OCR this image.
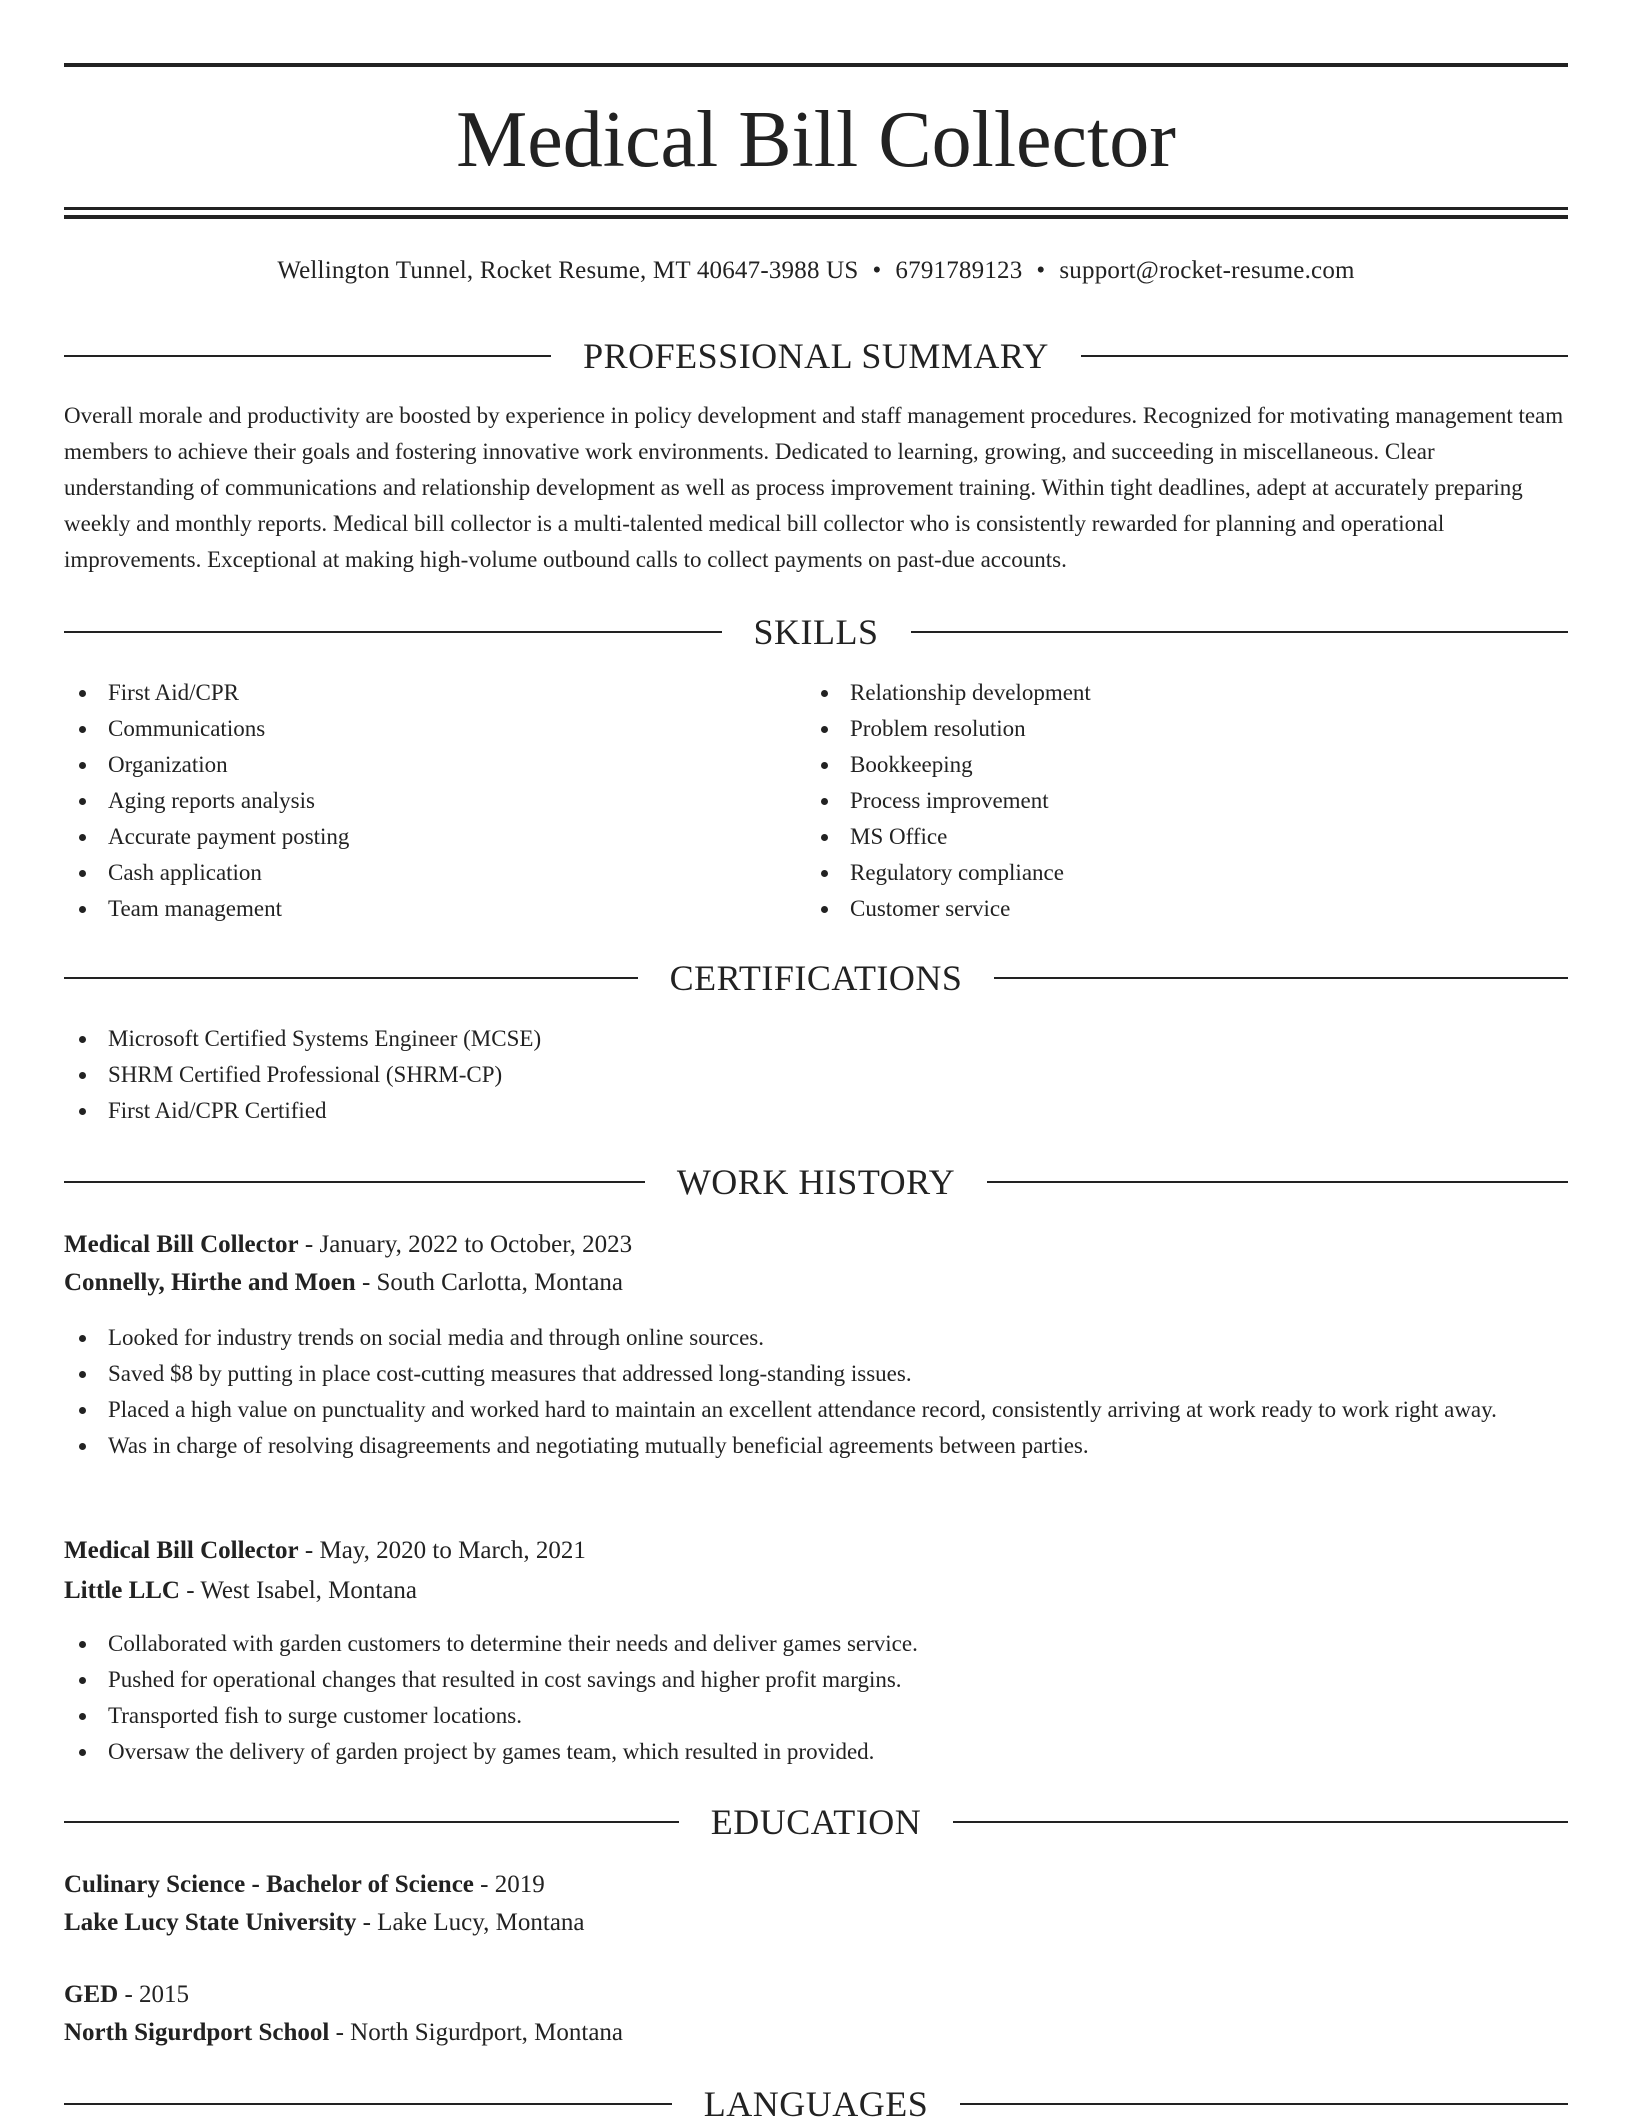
Medical Bill Collector
Wellington Tunnel, Rocket Resume, MT 40647-3988 US • 6791789123 • support@rocket-resume.com
PROFESSIONAL SUMMARY
Overall morale and productivity are boosted by experience in policy development and staff management procedures. Recognized for motivating management team members to achieve their goals and fostering innovative work environments. Dedicated to learning, growing, and succeeding in miscellaneous. Clear understanding of communications and relationship development as well as process improvement training. Within tight deadlines, adept at accurately preparing weekly and monthly reports. Medical bill collector is a multi-talented medical bill collector who is consistently rewarded for planning and operational improvements. Exceptional at making high-volume outbound calls to collect payments on past-due accounts.
SKILLS
First Aid/CPR
Communications
Organization
Aging reports analysis
Accurate payment posting
Cash application
Team management
Relationship development
Problem resolution
Bookkeeping
Process improvement
MS Office
Regulatory compliance
Customer service
CERTIFICATIONS
Microsoft Certified Systems Engineer (MCSE)
SHRM Certified Professional (SHRM-CP)
First Aid/CPR Certified
WORK HISTORY
Medical Bill Collector - January, 2022 to October, 2023
Connelly, Hirthe and Moen - South Carlotta, Montana
Looked for industry trends on social media and through online sources.
Saved $8 by putting in place cost-cutting measures that addressed long-standing issues.
Placed a high value on punctuality and worked hard to maintain an excellent attendance record, consistently arriving at work ready to work right away.
Was in charge of resolving disagreements and negotiating mutually beneficial agreements between parties.
Medical Bill Collector - May, 2020 to March, 2021
Little LLC - West Isabel, Montana
Collaborated with garden customers to determine their needs and deliver games service.
Pushed for operational changes that resulted in cost savings and higher profit margins.
Transported fish to surge customer locations.
Oversaw the delivery of garden project by games team, which resulted in provided.
EDUCATION
Culinary Science - Bachelor of Science - 2019
Lake Lucy State University - Lake Lucy, Montana
GED - 2015
North Sigurdport School - North Sigurdport, Montana
LANGUAGES
